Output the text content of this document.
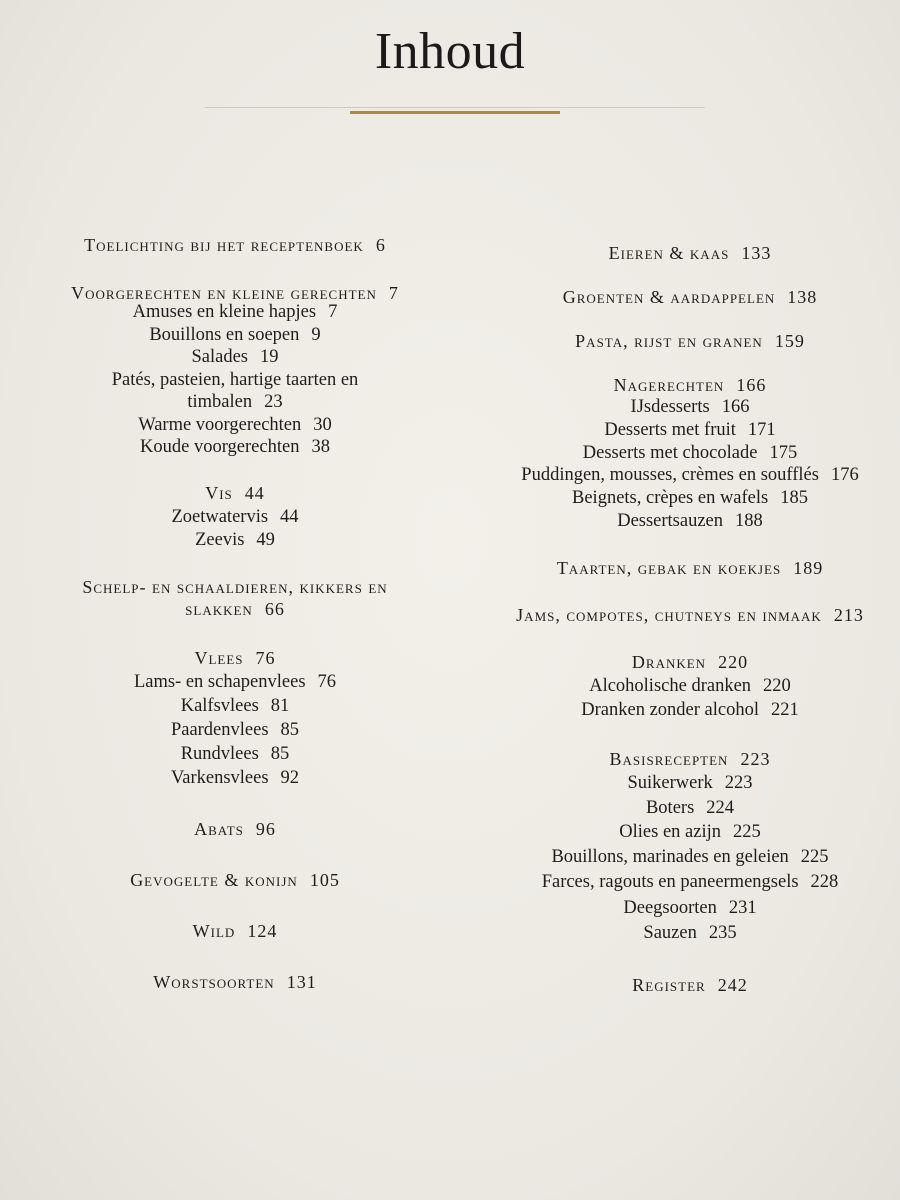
Inhoud
Toelichting bij het receptenboek 6
Voorgerechten en kleine gerechten 7
Amuses en kleine hapjes 7
Bouillons en soepen 9
Salades 19
Patés, pasteien, hartige taarten en timbalen 23
Warme voorgerechten 30
Koude voorgerechten 38
Vis 44
Zoetwatervis 44
Zeevis 49
Schelp- en schaaldieren, kikkers en slakken 66
Vlees 76
Lams- en schapenvlees 76
Kalfsvlees 81
Paardenvlees 85
Rundvlees 85
Varkensvlees 92
Abats 96
Gevogelte & konijn 105
Wild 124
Worstsoorten 131
Eieren & kaas 133
Groenten & aardappelen 138
Pasta, rijst en granen 159
Nagerechten 166
IJsdesserts 166
Desserts met fruit 171
Desserts met chocolade 175
Puddingen, mousses, crèmes en soufflés 176
Beignets, crèpes en wafels 185
Dessertsauzen 188
Taarten, gebak en koekjes 189
Jams, compotes, chutneys en inmaak 213
Dranken 220
Alcoholische dranken 220
Dranken zonder alcohol 221
Basisrecepten 223
Suikerwerk 223
Boters 224
Olies en azijn 225
Bouillons, marinades en geleien 225
Farces, ragouts en paneermengsels 228
Deegsoorten 231
Sauzen 235
Register 242
